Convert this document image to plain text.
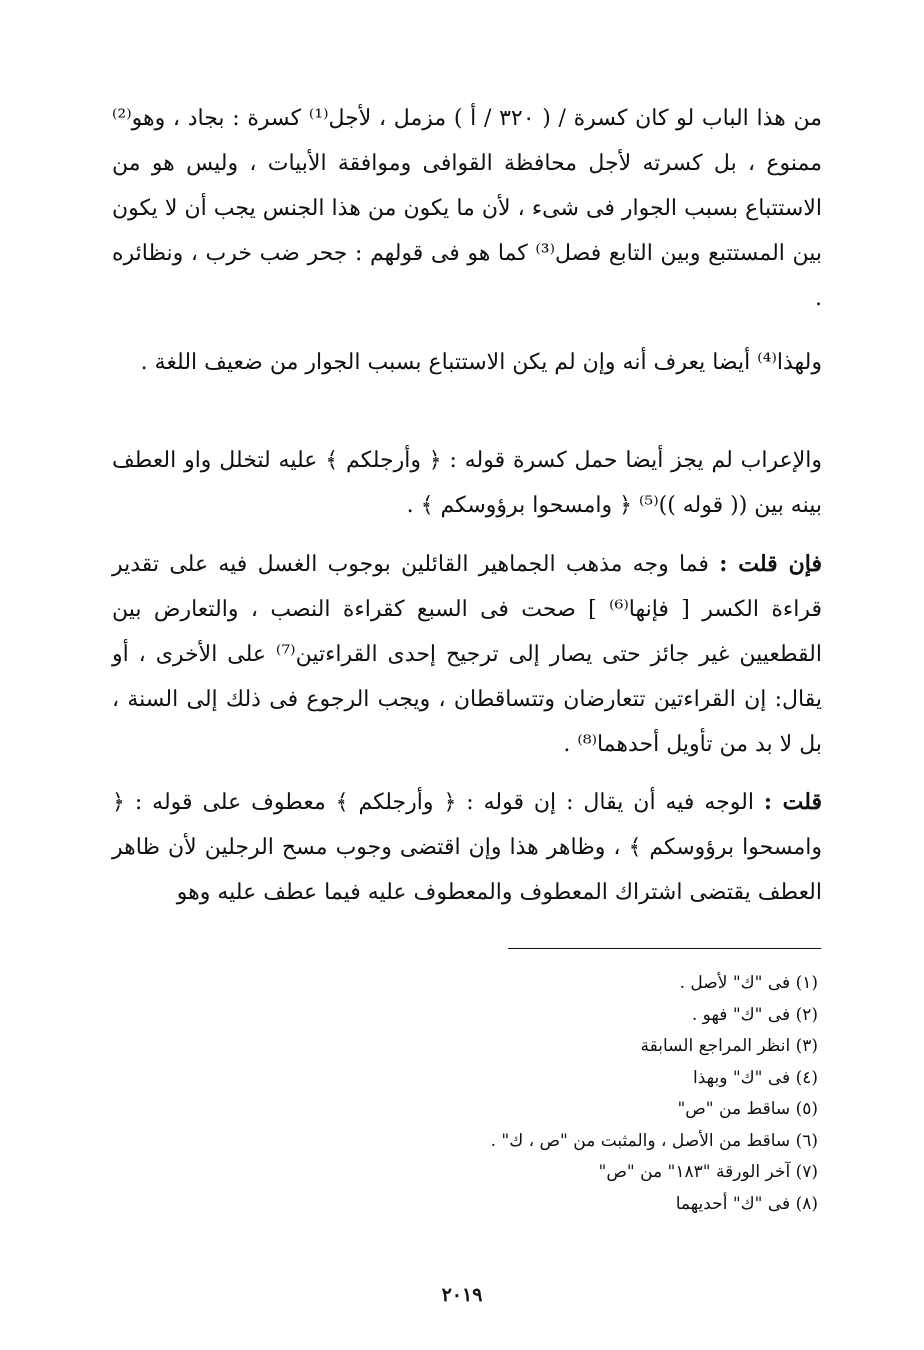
من هذا الباب لو كان كسرة / ( ٣٢٠ / أ ) مزمل ، لأجل⁽¹⁾ كسرة : بجاد ، وهو⁽²⁾ ممنوع ، بل كسرته لأجل محافظة القوافى وموافقة الأبيات ، وليس هو من الاستتباع بسبب الجوار فى شىء ، لأن ما يكون من هذا الجنس يجب أن لا يكون بين المستتبع وبين التابع فصل⁽³⁾ كما هو فى قولهم : جحر ضب خرب ، ونظائره .

ولهذا⁽⁴⁾ أيضا يعرف أنه وإن لم يكن الاستتباع بسبب الجوار من ضعيف اللغة .

والإعراب لم يجز أيضا حمل كسرة قوله : ﴿ وأرجلكم ﴾ عليه لتخلل واو العطف بينه بين (( قوله ))⁽⁵⁾ ﴿ وامسحوا برؤوسكم ﴾ .

فإن قلت : فما وجه مذهب الجماهير القائلين بوجوب الغسل فيه على تقدير قراءة الكسر [ فإنها⁽⁶⁾ ] صحت فى السبع كقراءة النصب ، والتعارض بين القطعيين غير جائز حتى يصار إلى ترجيح إحدى القراءتين⁽⁷⁾ على الأخرى ، أو يقال: إن القراءتين تتعارضان وتتساقطان ، ويجب الرجوع فى ذلك إلى السنة ، بل لا بد من تأويل أحدهما⁽⁸⁾ .

قلت : الوجه فيه أن يقال : إن قوله : ﴿ وأرجلكم ﴾ معطوف على قوله : ﴿ وامسحوا برؤوسكم ﴾ ، وظاهر هذا وإن اقتضى وجوب مسح الرجلين لأن ظاهر العطف يقتضى اشتراك المعطوف والمعطوف عليه فيما عطف عليه وهو

(١) فى "ك" لأصل .

(٢) فى "ك" فهو .

(٣) انظر المراجع السابقة

(٤) فى "ك" وبهذا

(٥) ساقط من "ص"

(٦) ساقط من الأصل ، والمثبت من "ص ، ك" .

(٧) آخر الورقة "١٨٣" من "ص"

(٨) فى "ك" أحديهما

٢٠١٩
